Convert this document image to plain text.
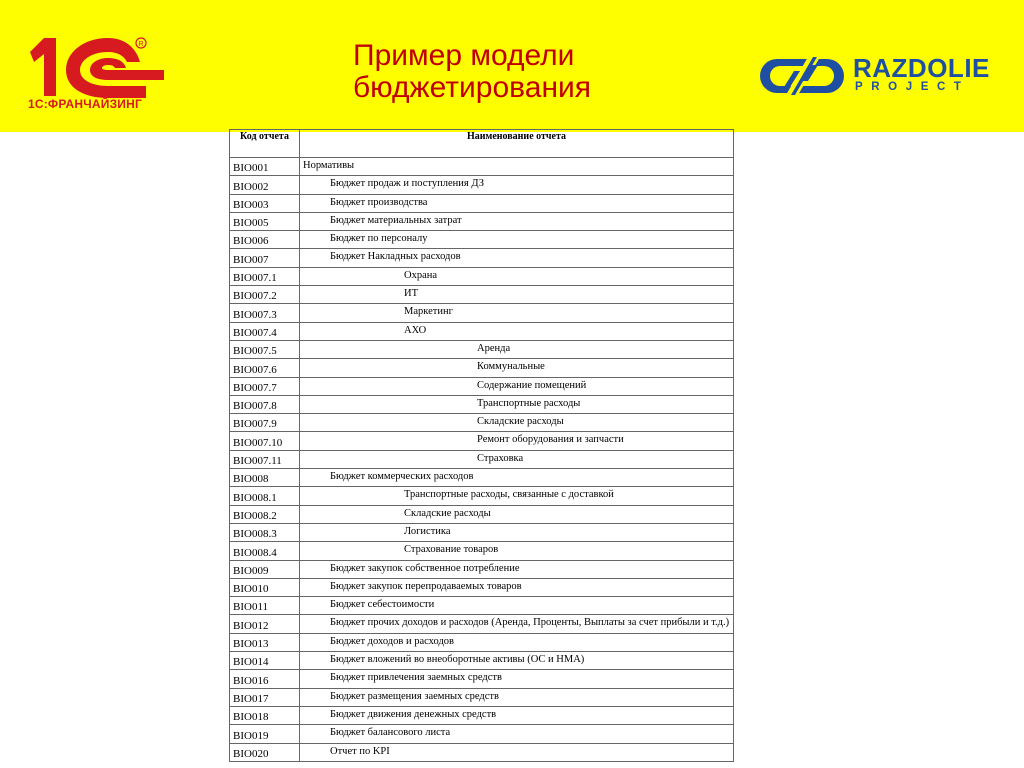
R
1С:ФРАНЧАЙЗИНГ
Пример модели
бюджетирования
RAZDOLIE
PROJECT
Код отчета	Наименование отчета
BIO001	Нормативы
BIO002	Бюджет продаж и поступления ДЗ
BIO003	Бюджет производства
BIO005	Бюджет материальных затрат
BIO006	Бюджет по персоналу
BIO007	Бюджет Накладных расходов
BIO007.1	Охрана
BIO007.2	ИТ
BIO007.3	Маркетинг
BIO007.4	АХО
BIO007.5	Аренда
BIO007.6	Коммунальные
BIO007.7	Содержание помещений
BIO007.8	Транспортные расходы
BIO007.9	Складские расходы
BIO007.10	Ремонт оборудования и запчасти
BIO007.11	Страховка
BIO008	Бюджет коммерческих расходов
BIO008.1	Транспортные расходы, связанные с доставкой
BIO008.2	Складские расходы
BIO008.3	Логистика
BIO008.4	Страхование товаров
BIO009	Бюджет закупок собственное потребление
BIO010	Бюджет закупок перепродаваемых товаров
BIO011	Бюджет себестоимости
BIO012	Бюджет прочих доходов и расходов (Аренда, Проценты, Выплаты за счет прибыли и т.д.)
BIO013	Бюджет доходов и расходов
BIO014	Бюджет вложений во внеоборотные активы (ОС и НМА)
BIO016	Бюджет привлечения заемных средств
BIO017	Бюджет размещения заемных средств
BIO018	Бюджет движения денежных средств
BIO019	Бюджет балансового листа
BIO020	Отчет по KPI
